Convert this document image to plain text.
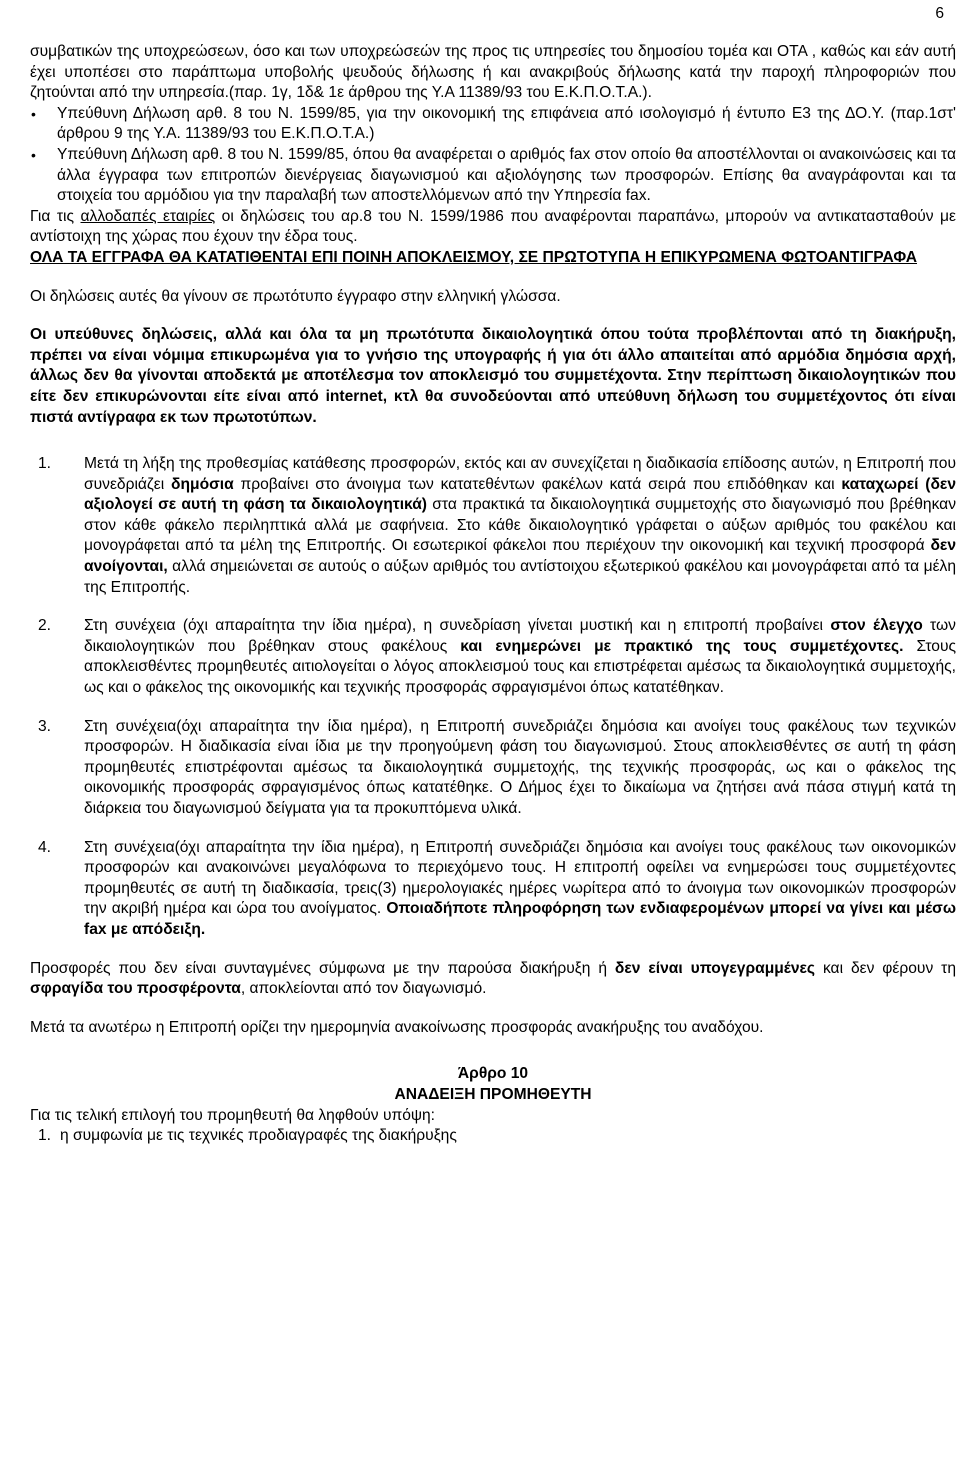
6

συμβατικών της υποχρεώσεων, όσο και των υποχρεώσεών της προς τις υπηρεσίες του δημοσίου τομέα και ΟΤΑ , καθώς και εάν αυτή έχει υποπέσει στο παράπτωμα υποβολής ψευδούς δήλωσης ή και ανακριβούς δήλωσης κατά την παροχή πληροφοριών που ζητούνται από την υπηρεσία.(παρ. 1γ, 1δ& 1ε άρθρου της Υ.Α 11389/93 του Ε.Κ.Π.Ο.Τ.Α.).

• Υπεύθυνη Δήλωση αρθ. 8 του Ν. 1599/85, για την οικονομική της επιφάνεια από ισολογισμό ή έντυπο Ε3 της ΔΟ.Υ. (παρ.1στ' άρθρου 9 της Υ.Α. 11389/93 του Ε.Κ.Π.Ο.Τ.Α.)
• Υπεύθυνη Δήλωση αρθ. 8 του Ν. 1599/85, όπου θα αναφέρεται ο αριθμός fax στον οποίο θα αποστέλλονται οι ανακοινώσεις και τα άλλα έγγραφα των επιτροπών διενέργειας διαγωνισμού και αξιολόγησης των προσφορών. Επίσης θα αναγράφονται και τα στοιχεία του αρμόδιου για την παραλαβή των αποστελλόμενων από την Υπηρεσία fax.

Για τις αλλοδαπές εταιρίες οι δηλώσεις του αρ.8 του Ν. 1599/1986 που αναφέρονται παραπάνω, μπορούν να αντικατασταθούν με αντίστοιχη της χώρας που έχουν την έδρα τους.

ΟΛΑ ΤΑ ΕΓΓΡΑΦΑ ΘΑ ΚΑΤΑΤΙΘΕΝΤΑΙ ΕΠΙ ΠΟΙΝΗ ΑΠΟΚΛΕΙΣΜΟΥ, ΣΕ ΠΡΩΤΟΤΥΠΑ Η ΕΠΙΚΥΡΩΜΕΝΑ ΦΩΤΟΑΝΤΙΓΡΑΦΑ

Οι δηλώσεις αυτές θα γίνουν σε πρωτότυπο έγγραφο στην ελληνική γλώσσα.

Οι υπεύθυνες δηλώσεις, αλλά και όλα τα μη πρωτότυπα δικαιολογητικά όπου τούτα προβλέπονται από τη διακήρυξη, πρέπει να είναι νόμιμα επικυρωμένα για το γνήσιο της υπογραφής ή για ότι άλλο απαιτείται από αρμόδια δημόσια αρχή, άλλως δεν θα γίνονται αποδεκτά με αποτέλεσμα τον αποκλεισμό του συμμετέχοντα. Στην περίπτωση δικαιολογητικών που είτε δεν επικυρώνονται είτε είναι από internet, κτλ θα συνοδεύονται από υπεύθυνη δήλωση του συμμετέχοντος ότι είναι πιστά αντίγραφα εκ των πρωτοτύπων.

1. Μετά τη λήξη της προθεσμίας κατάθεσης προσφορών, εκτός και αν συνεχίζεται η διαδικασία επίδοσης αυτών, η Επιτροπή που συνεδριάζει δημόσια προβαίνει στο άνοιγμα των κατατεθέντων φακέλων κατά σειρά που επιδόθηκαν και καταχωρεί (δεν αξιολογεί σε αυτή τη φάση τα δικαιολογητικά) στα πρακτικά τα δικαιολογητικά συμμετοχής στο διαγωνισμό που βρέθηκαν στον κάθε φάκελο περιληπτικά αλλά με σαφήνεια. Στο κάθε δικαιολογητικό γράφεται ο αύξων αριθμός του φακέλου και μονογράφεται από τα μέλη της Επιτροπής. Οι εσωτερικοί φάκελοι που περιέχουν την οικονομική και τεχνική προσφορά δεν ανοίγονται, αλλά σημειώνεται σε αυτούς ο αύξων αριθμός του αντίστοιχου εξωτερικού φακέλου και μονογράφεται από τα μέλη της Επιτροπής.
2. Στη συνέχεια (όχι απαραίτητα την ίδια ημέρα), η συνεδρίαση γίνεται μυστική και η επιτροπή προβαίνει στον έλεγχο των δικαιολογητικών που βρέθηκαν στους φακέλους και ενημερώνει με πρακτικό της τους συμμετέχοντες. Στους αποκλεισθέντες προμηθευτές αιτιολογείται ο λόγος αποκλεισμού τους και επιστρέφεται αμέσως τα δικαιολογητικά συμμετοχής, ως και ο φάκελος της οικονομικής και τεχνικής προσφοράς σφραγισμένοι όπως κατατέθηκαν.
3. Στη συνέχεια(όχι απαραίτητα την ίδια ημέρα), η Επιτροπή συνεδριάζει δημόσια και ανοίγει τους φακέλους των τεχνικών προσφορών. Η διαδικασία είναι ίδια με την προηγούμενη φάση του διαγωνισμού. Στους αποκλεισθέντες σε αυτή τη φάση προμηθευτές επιστρέφονται αμέσως τα δικαιολογητικά συμμετοχής, της τεχνικής προσφοράς, ως και ο φάκελος της οικονομικής προσφοράς σφραγισμένος όπως κατατέθηκε. Ο Δήμος έχει το δικαίωμα να ζητήσει ανά πάσα στιγμή κατά τη διάρκεια του διαγωνισμού δείγματα για τα προκυπτόμενα υλικά.
4. Στη συνέχεια(όχι απαραίτητα την ίδια ημέρα), η Επιτροπή συνεδριάζει δημόσια και ανοίγει τους φακέλους των οικονομικών προσφορών και ανακοινώνει μεγαλόφωνα το περιεχόμενο τους. Η επιτροπή οφείλει να ενημερώσει τους συμμετέχοντες προμηθευτές σε αυτή τη διαδικασία, τρεις(3) ημερολογιακές ημέρες νωρίτερα από το άνοιγμα των οικονομικών προσφορών την ακριβή ημέρα και ώρα του ανοίγματος. Οποιαδήποτε πληροφόρηση των ενδιαφερομένων μπορεί να γίνει και μέσω fax με απόδειξη.

Προσφορές που δεν είναι συνταγμένες σύμφωνα με την παρούσα διακήρυξη ή δεν είναι υπογεγραμμένες και δεν φέρουν τη σφραγίδα του προσφέροντα, αποκλείονται από τον διαγωνισμό.

Μετά τα ανωτέρω η Επιτροπή ορίζει την ημερομηνία ανακοίνωσης προσφοράς ανακήρυξης του αναδόχου.

Άρθρο 10

ΑΝΑΔΕΙΞΗ ΠΡΟΜΗΘΕΥΤΗ

Για τις τελική επιλογή του προμηθευτή θα ληφθούν υπόψη:

1. η συμφωνία με τις τεχνικές προδιαγραφές της διακήρυξης
